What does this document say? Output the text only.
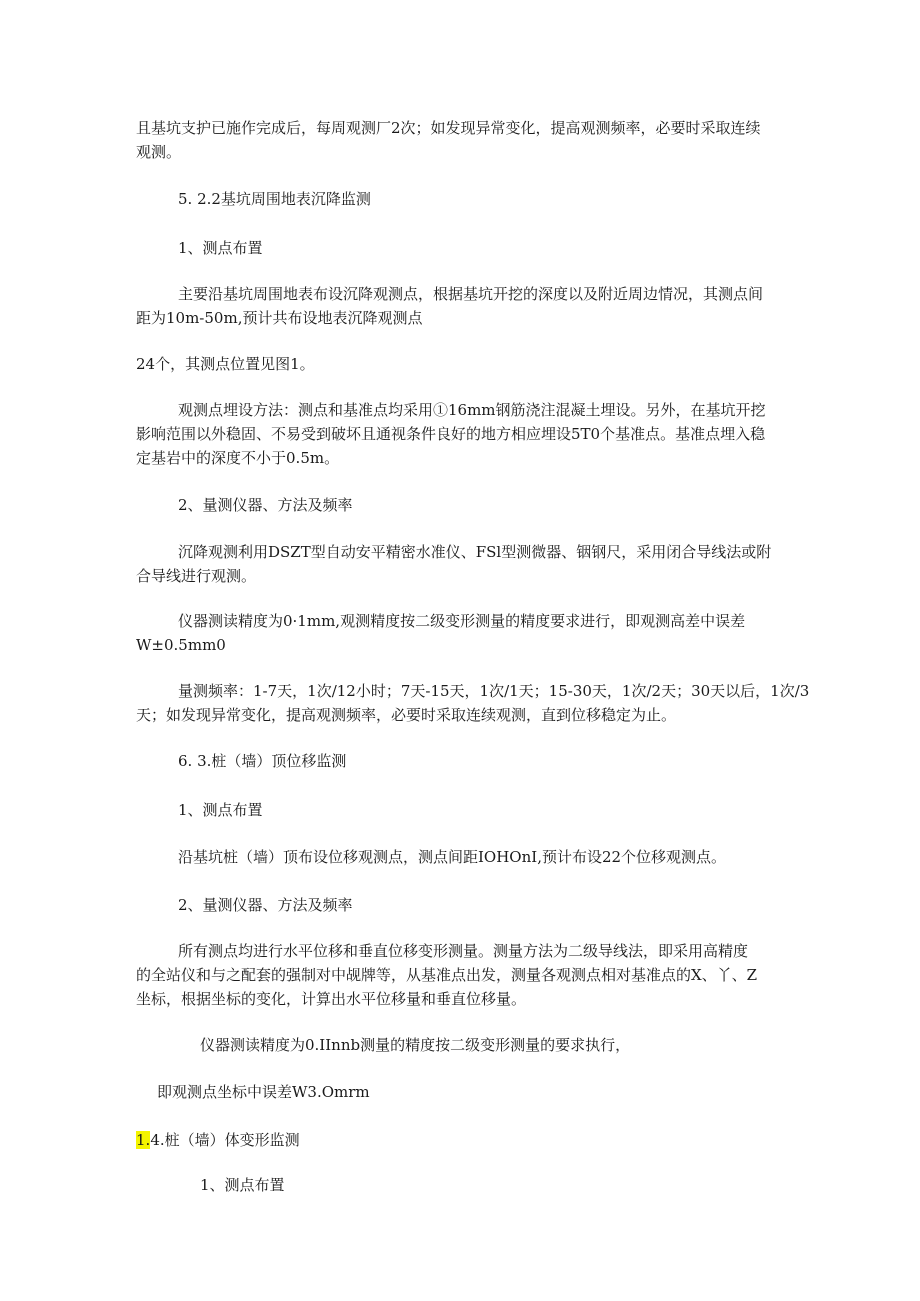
且基坑支护已施作完成后，每周观测厂2次；如发现异常变化，提高观测频率，必要时采取连续
观测。

5. 2.2基坑周围地表沉降监测

1、测点布置

主要沿基坑周围地表布设沉降观测点，根据基坑开挖的深度以及附近周边情况，其测点间
距为10m-50m,预计共布设地表沉降观测点

24个，其测点位置见图1。

观测点埋设方法：测点和基准点均采用①16mm钢筋浇注混凝土埋设。另外，在基坑开挖
影响范围以外稳固、不易受到破坏且通视条件良好的地方相应埋设5T0个基准点。基准点埋入稳
定基岩中的深度不小于0.5m。

2、量测仪器、方法及频率

沉降观测利用DSZT型自动安平精密水准仪、FSl型测微器、铟钢尺，采用闭合导线法或附
合导线进行观测。

仪器测读精度为0·1mm,观测精度按二级变形测量的精度要求进行，即观测高差中误差
W±0.5mm0

量测频率：1-7天，1次/12小时；7天-15天，1次/1天；15-30天，1次/2天；30天以后，1次/3
天；如发现异常变化，提高观测频率，必要时采取连续观测，直到位移稳定为止。

6. 3.桩（墙）顶位移监测

1、测点布置

沿基坑桩（墙）顶布设位移观测点，测点间距IOHOnI,预计布设22个位移观测点。

2、量测仪器、方法及频率

所有测点均进行水平位移和垂直位移变形测量。测量方法为二级导线法，即采用高精度
的全站仪和与之配套的强制对中觇牌等，从基准点出发，测量各观测点相对基准点的X、丫、Z
坐标，根据坐标的变化，计算出水平位移量和垂直位移量。

仪器测读精度为0.IInnb测量的精度按二级变形测量的要求执行，

即观测点坐标中误差W3.Omrm

1.4.桩（墙）体变形监测

1、测点布置
